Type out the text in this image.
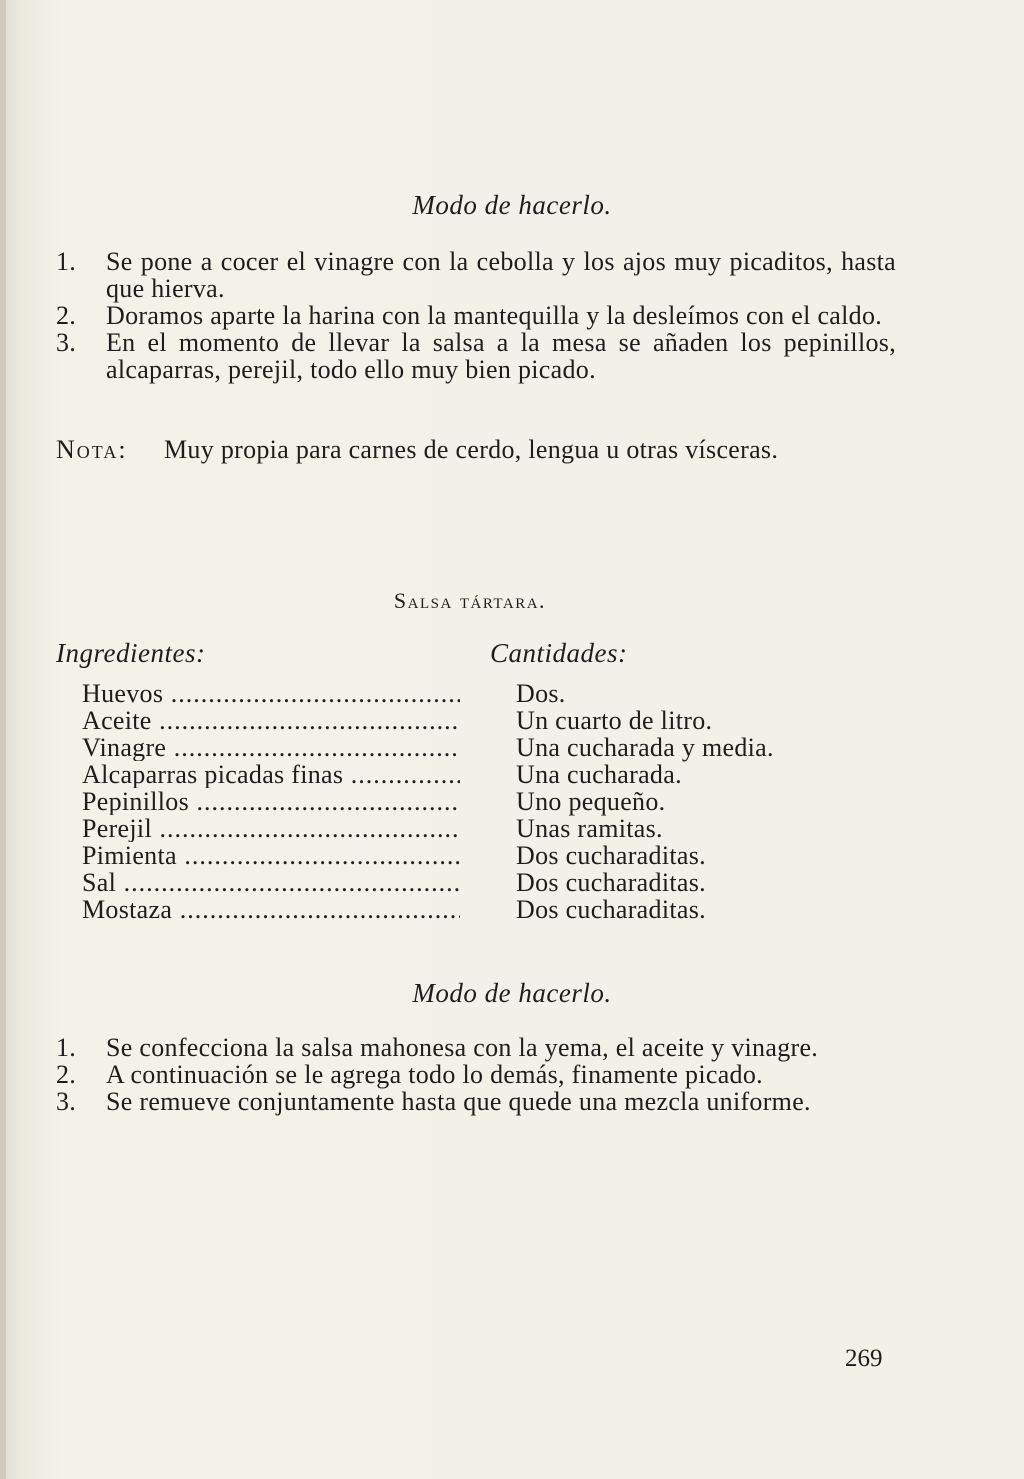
Modo de hacerlo.
1. Se pone a cocer el vinagre con la cebolla y los ajos muy picaditos, hasta que hierva.
2. Doramos aparte la harina con la mantequilla y la desleímos con el caldo.
3. En el momento de llevar la salsa a la mesa se añaden los pepinillos, alcaparras, perejil, todo ello muy bien picado.
Nota:	Muy propia para carnes de cerdo, lengua u otras vísceras.
Salsa tártara.
Ingredientes:	Cantidades:
Huevos .....	Dos.
Aceite .....	Un cuarto de litro.
Vinagre .....	Una cucharada y media.
Alcaparras picadas finas .....	Una cucharada.
Pepinillos .....	Uno pequeño.
Perejil .....	Unas ramitas.
Pimienta .....	Dos cucharaditas.
Sal .....	Dos cucharaditas.
Mostaza .....	Dos cucharaditas.
Modo de hacerlo.
1. Se confecciona la salsa mahonesa con la yema, el aceite y vinagre.
2. A continuación se le agrega todo lo demás, finamente picado.
3. Se remueve conjuntamente hasta que quede una mezcla uniforme.
269
